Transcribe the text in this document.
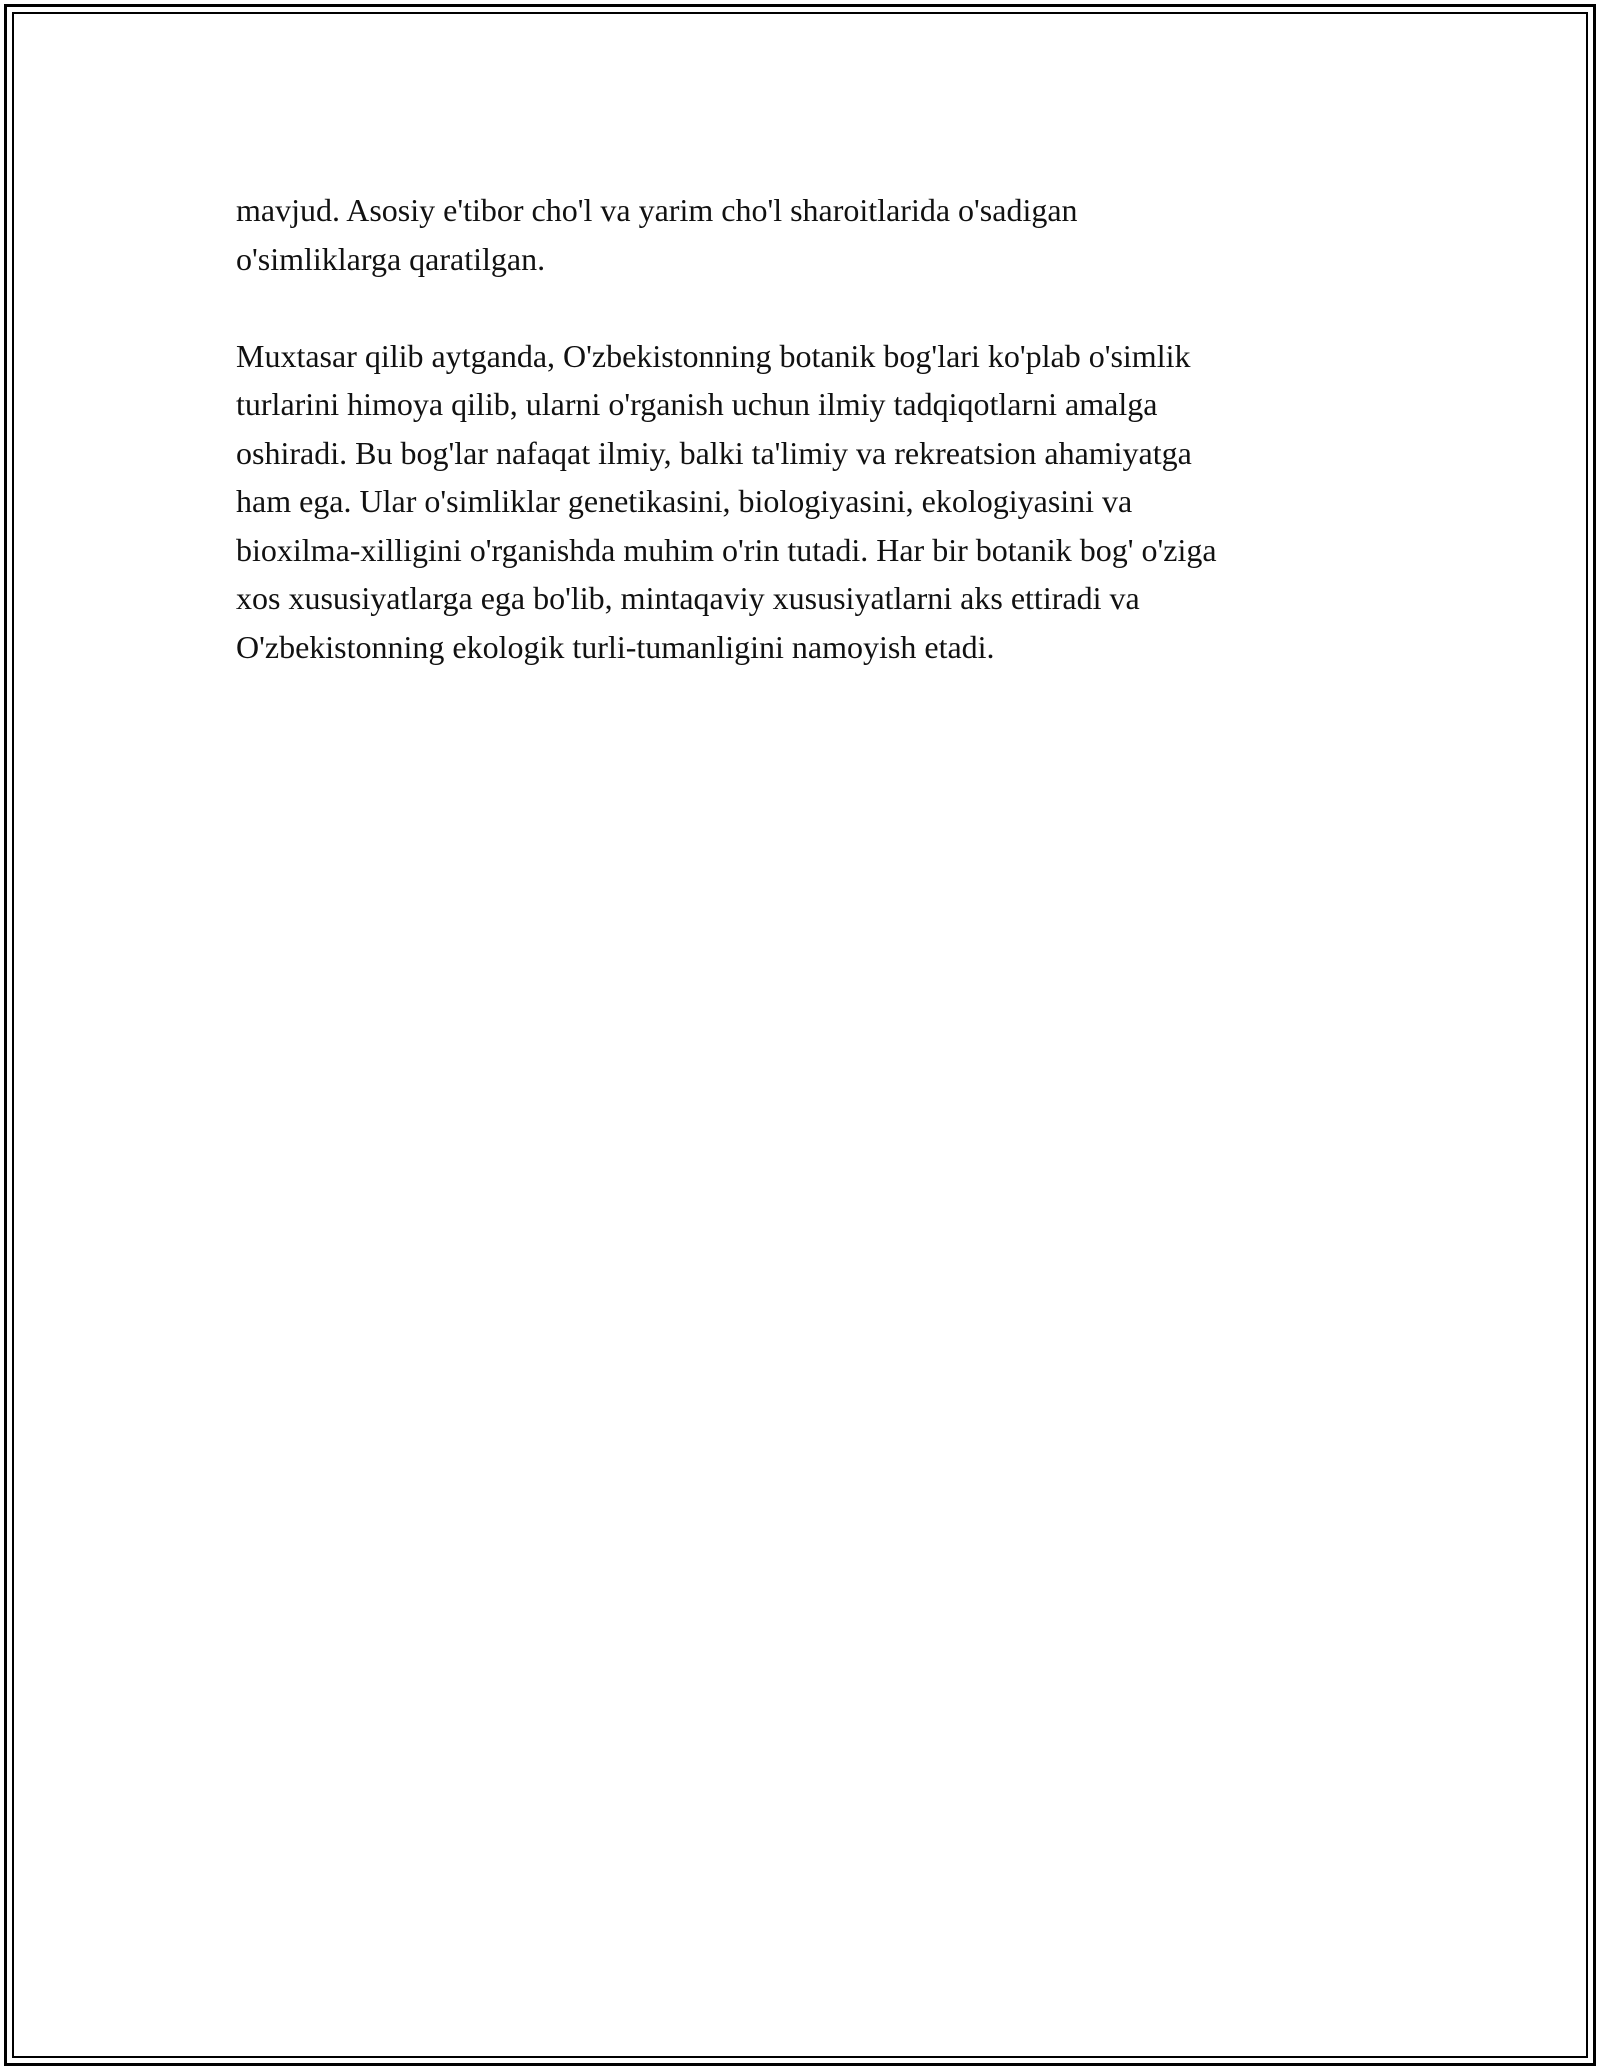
mavjud. Asosiy e'tibor cho'l va yarim cho'l sharoitlarida o'sadigan
o'simliklarga qaratilgan.

Muxtasar qilib aytganda, O'zbekistonning botanik bog'lari ko'plab o'simlik
turlarini himoya qilib, ularni o'rganish uchun ilmiy tadqiqotlarni amalga
oshiradi. Bu bog'lar nafaqat ilmiy, balki ta'limiy va rekreatsion ahamiyatga
ham ega. Ular o'simliklar genetikasini, biologiyasini, ekologiyasini va
bioxilma-xilligini o'rganishda muhim o'rin tutadi. Har bir botanik bog' o'ziga
xos xususiyatlarga ega bo'lib, mintaqaviy xususiyatlarni aks ettiradi va
O'zbekistonning ekologik turli-tumanligini namoyish etadi.
